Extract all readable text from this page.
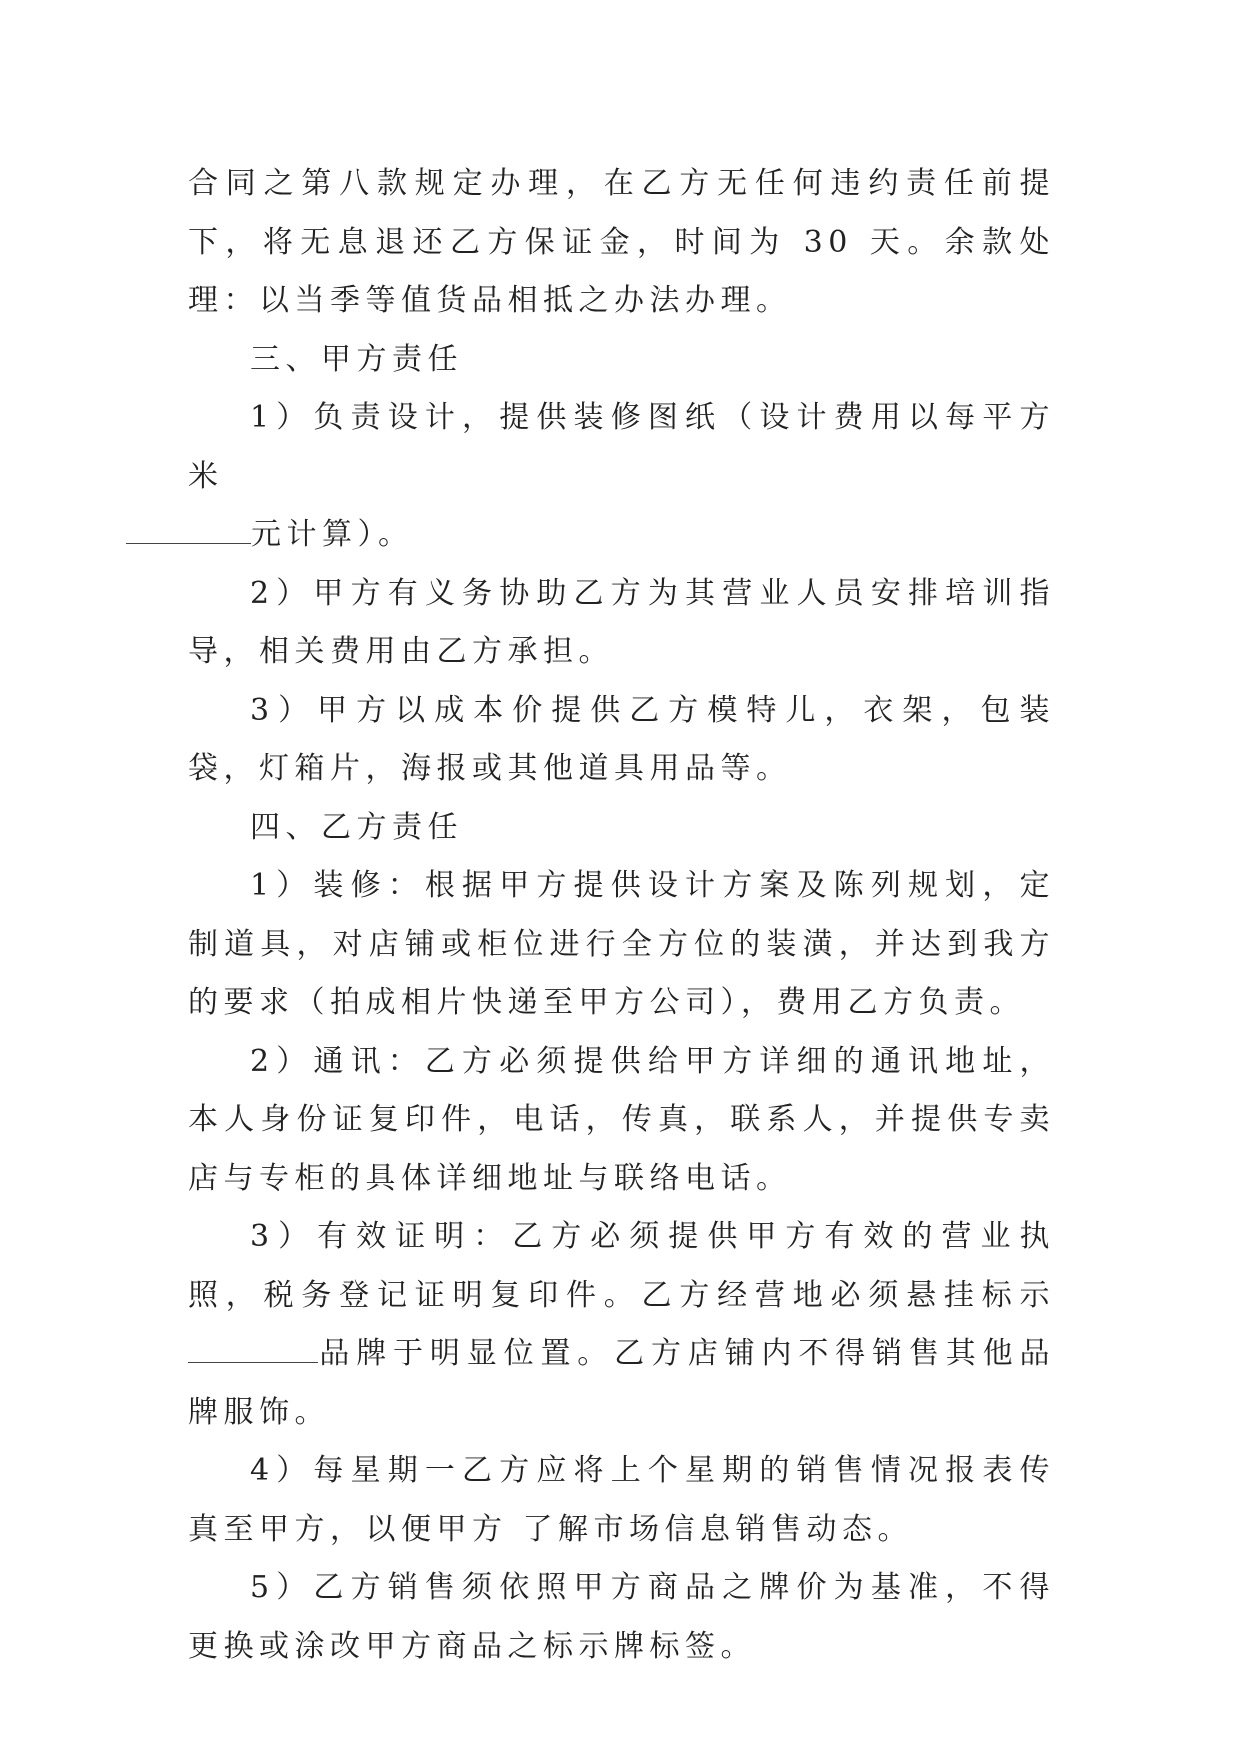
合同之第八款规定办理，在乙方无任何违约责任前提下，将无息退还乙方保证金，时间为 30 天。余款处理：以当季等值货品相抵之办法办理。

三、甲方责任

1）负责设计，提供装修图纸（设计费用以每平方米
元计算）。

2）甲方有义务协助乙方为其营业人员安排培训指导，相关费用由乙方承担。

3）甲方以成本价提供乙方模特儿，衣架，包装袋，灯箱片，海报或其他道具用品等。

四、乙方责任

1）装修：根据甲方提供设计方案及陈列规划，定制道具，对店铺或柜位进行全方位的装潢，并达到我方的要求（拍成相片快递至甲方公司），费用乙方负责。

2）通讯：乙方必须提供给甲方详细的通讯地址，本人身份证复印件，电话，传真，联系人，并提供专卖店与专柜的具体详细地址与联络电话。

3）有效证明：乙方必须提供甲方有效的营业执照，税务登记证明复印件。乙方经营地必须悬挂标示品牌于明显位置。乙方店铺内不得销售其他品牌服饰。

4）每星期一乙方应将上个星期的销售情况报表传真至甲方，以便甲方 了解市场信息销售动态。

5）乙方销售须依照甲方商品之牌价为基准，不得更换或涂改甲方商品之标示牌标签。
